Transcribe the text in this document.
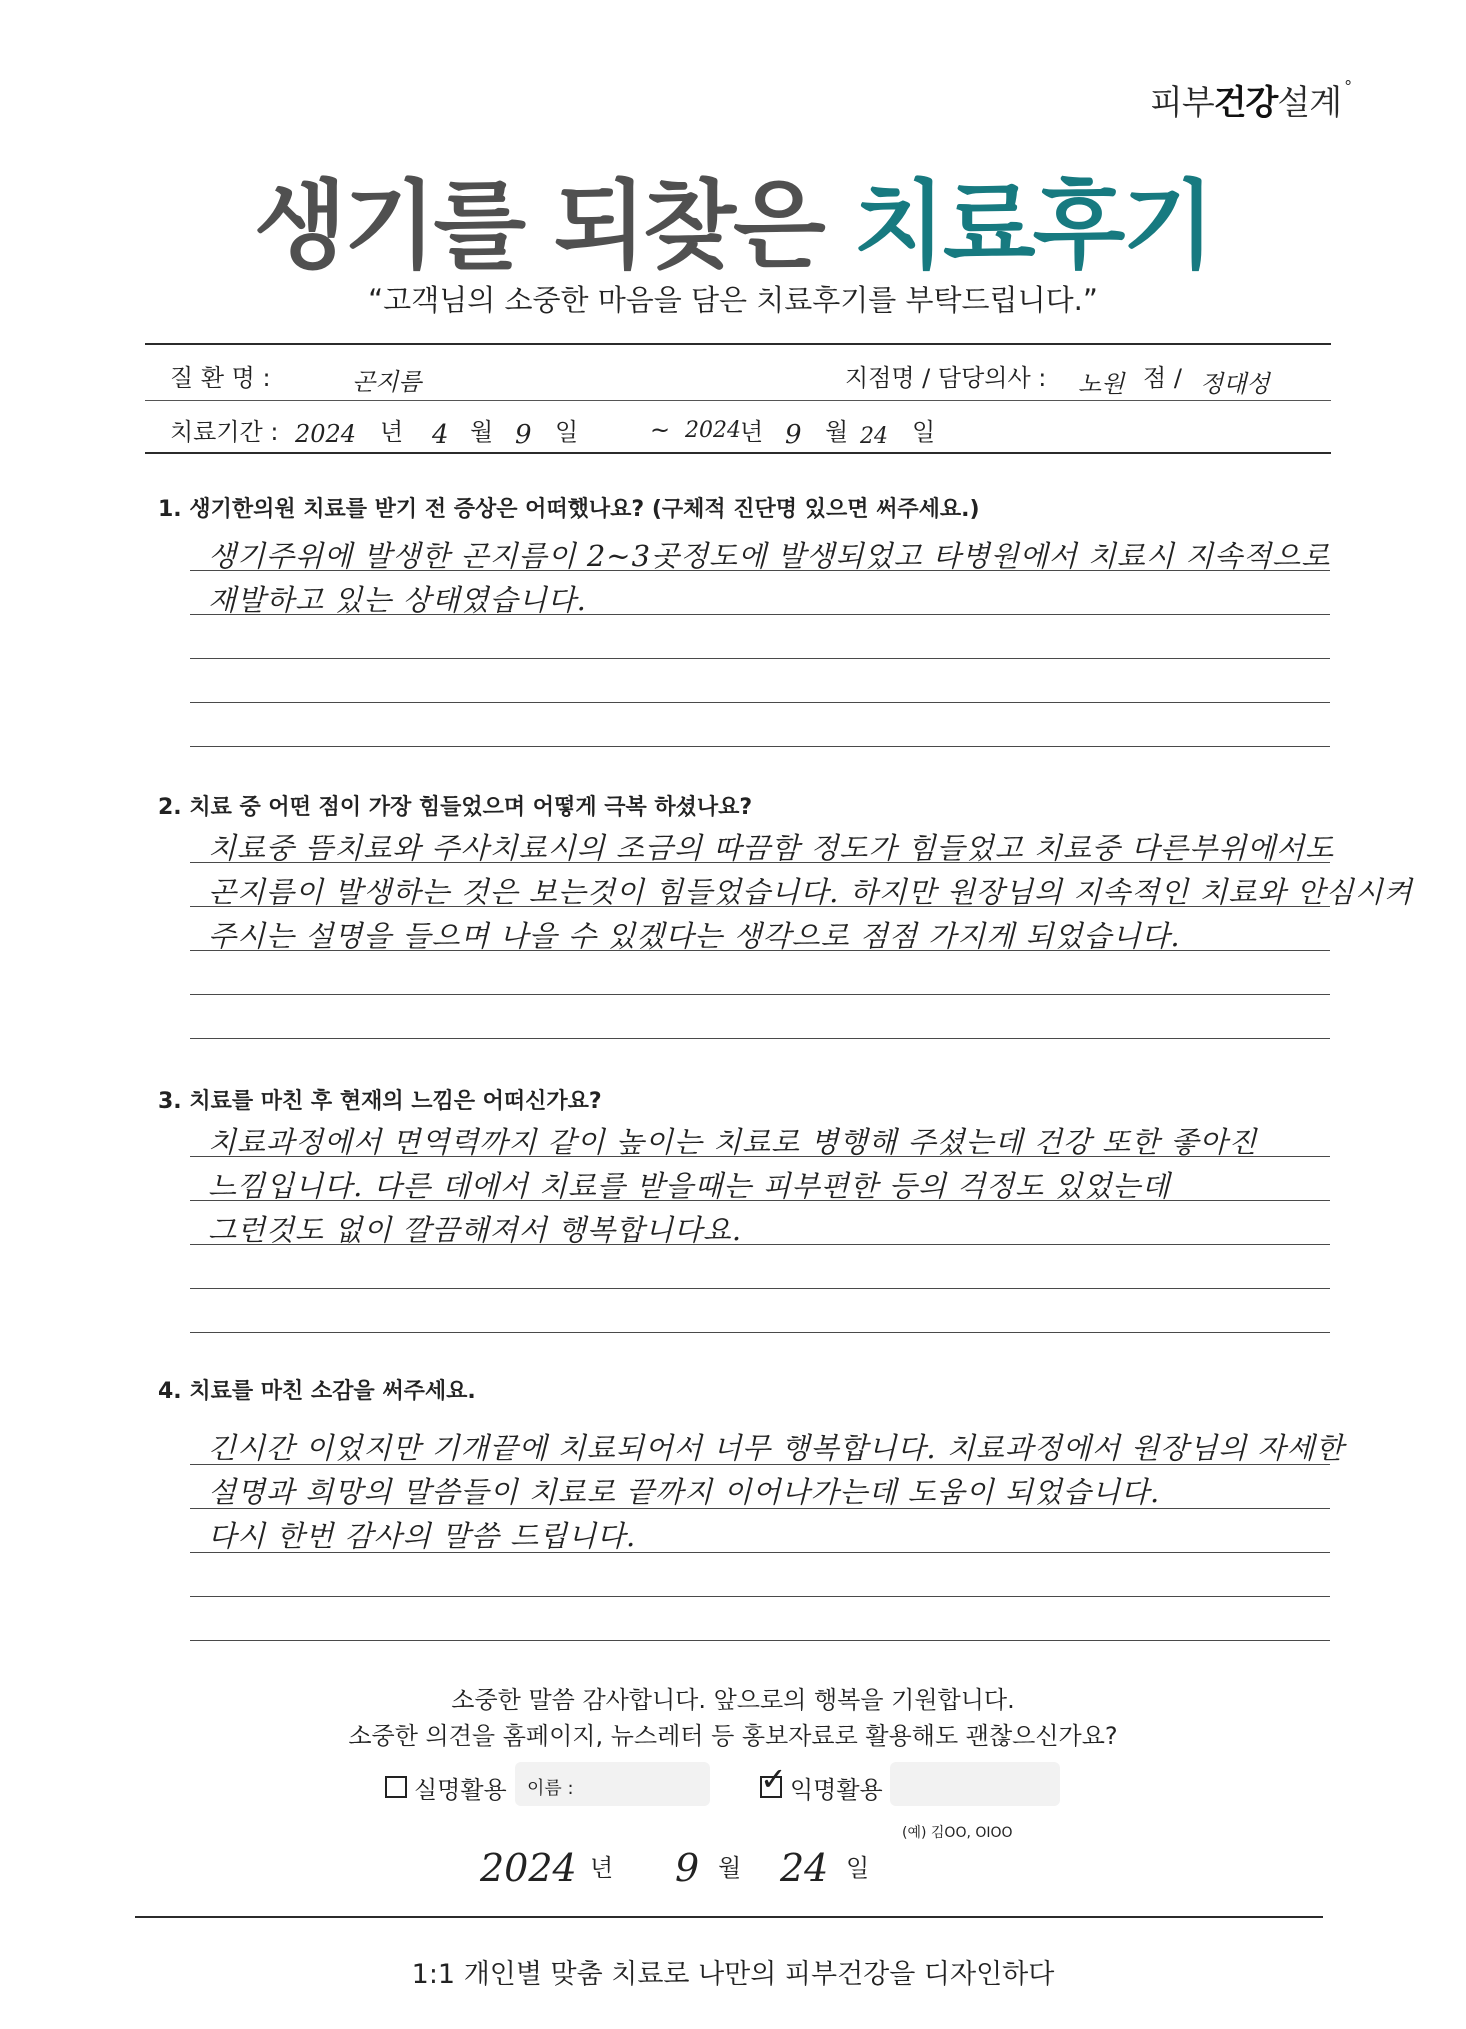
피부건강설계 °
생기를 되찾은 치료후기
“고객님의 소중한 마음을 담은 치료후기를 부탁드립니다.”
질 환 명 :	곤지름	지점명 / 담당의사 : 노원 점 / 정대성
치료기간 : 2024 년 4 월 9 일	~ 2024 년 9 월 24 일
1. 생기한의원 치료를 받기 전 증상은 어떠했나요? (구체적 진단명 있으면 써주세요.)
생기주위에 발생한 곤지름이 2~3곳정도에 발생되었고 타병원에서 치료시 지속적으로
재발하고 있는 상태였습니다.
2. 치료 중 어떤 점이 가장 힘들었으며 어떻게 극복 하셨나요?
치료중 뜸치료와 주사치료시의 조금의 따끔함 정도가 힘들었고 치료중 다른부위에서도
곤지름이 발생하는 것은 보는것이 힘들었습니다. 하지만 원장님의 지속적인 치료와 안심시켜
주시는 설명을 들으며 나을 수 있겠다는 생각으로 점점 가지게 되었습니다.
3. 치료를 마친 후 현재의 느낌은 어떠신가요?
치료과정에서 면역력까지 같이 높이는 치료로 병행해 주셨는데 건강 또한 좋아진
느낌입니다. 다른 데에서 치료를 받을때는 피부편한 등의 걱정도 있었는데
그런것도 없이 깔끔해져서 행복합니다요.
4. 치료를 마친 소감을 써주세요.
긴시간 이었지만 기개끝에 치료되어서 너무 행복합니다. 치료과정에서 원장님의 자세한
설명과 희망의 말씀들이 치료로 끝까지 이어나가는데 도움이 되었습니다.
다시 한번 감사의 말씀 드립니다.
소중한 말씀 감사합니다. 앞으로의 행복을 기원합니다.
소중한 의견을 홈페이지, 뉴스레터 등 홍보자료로 활용해도 괜찮으신가요?
실명활용 이름 :	✓ 익명활용
(예) 김OO, OIOO
2024 년 9 월 24 일
1:1 개인별 맞춤 치료로 나만의 피부건강을 디자인하다
